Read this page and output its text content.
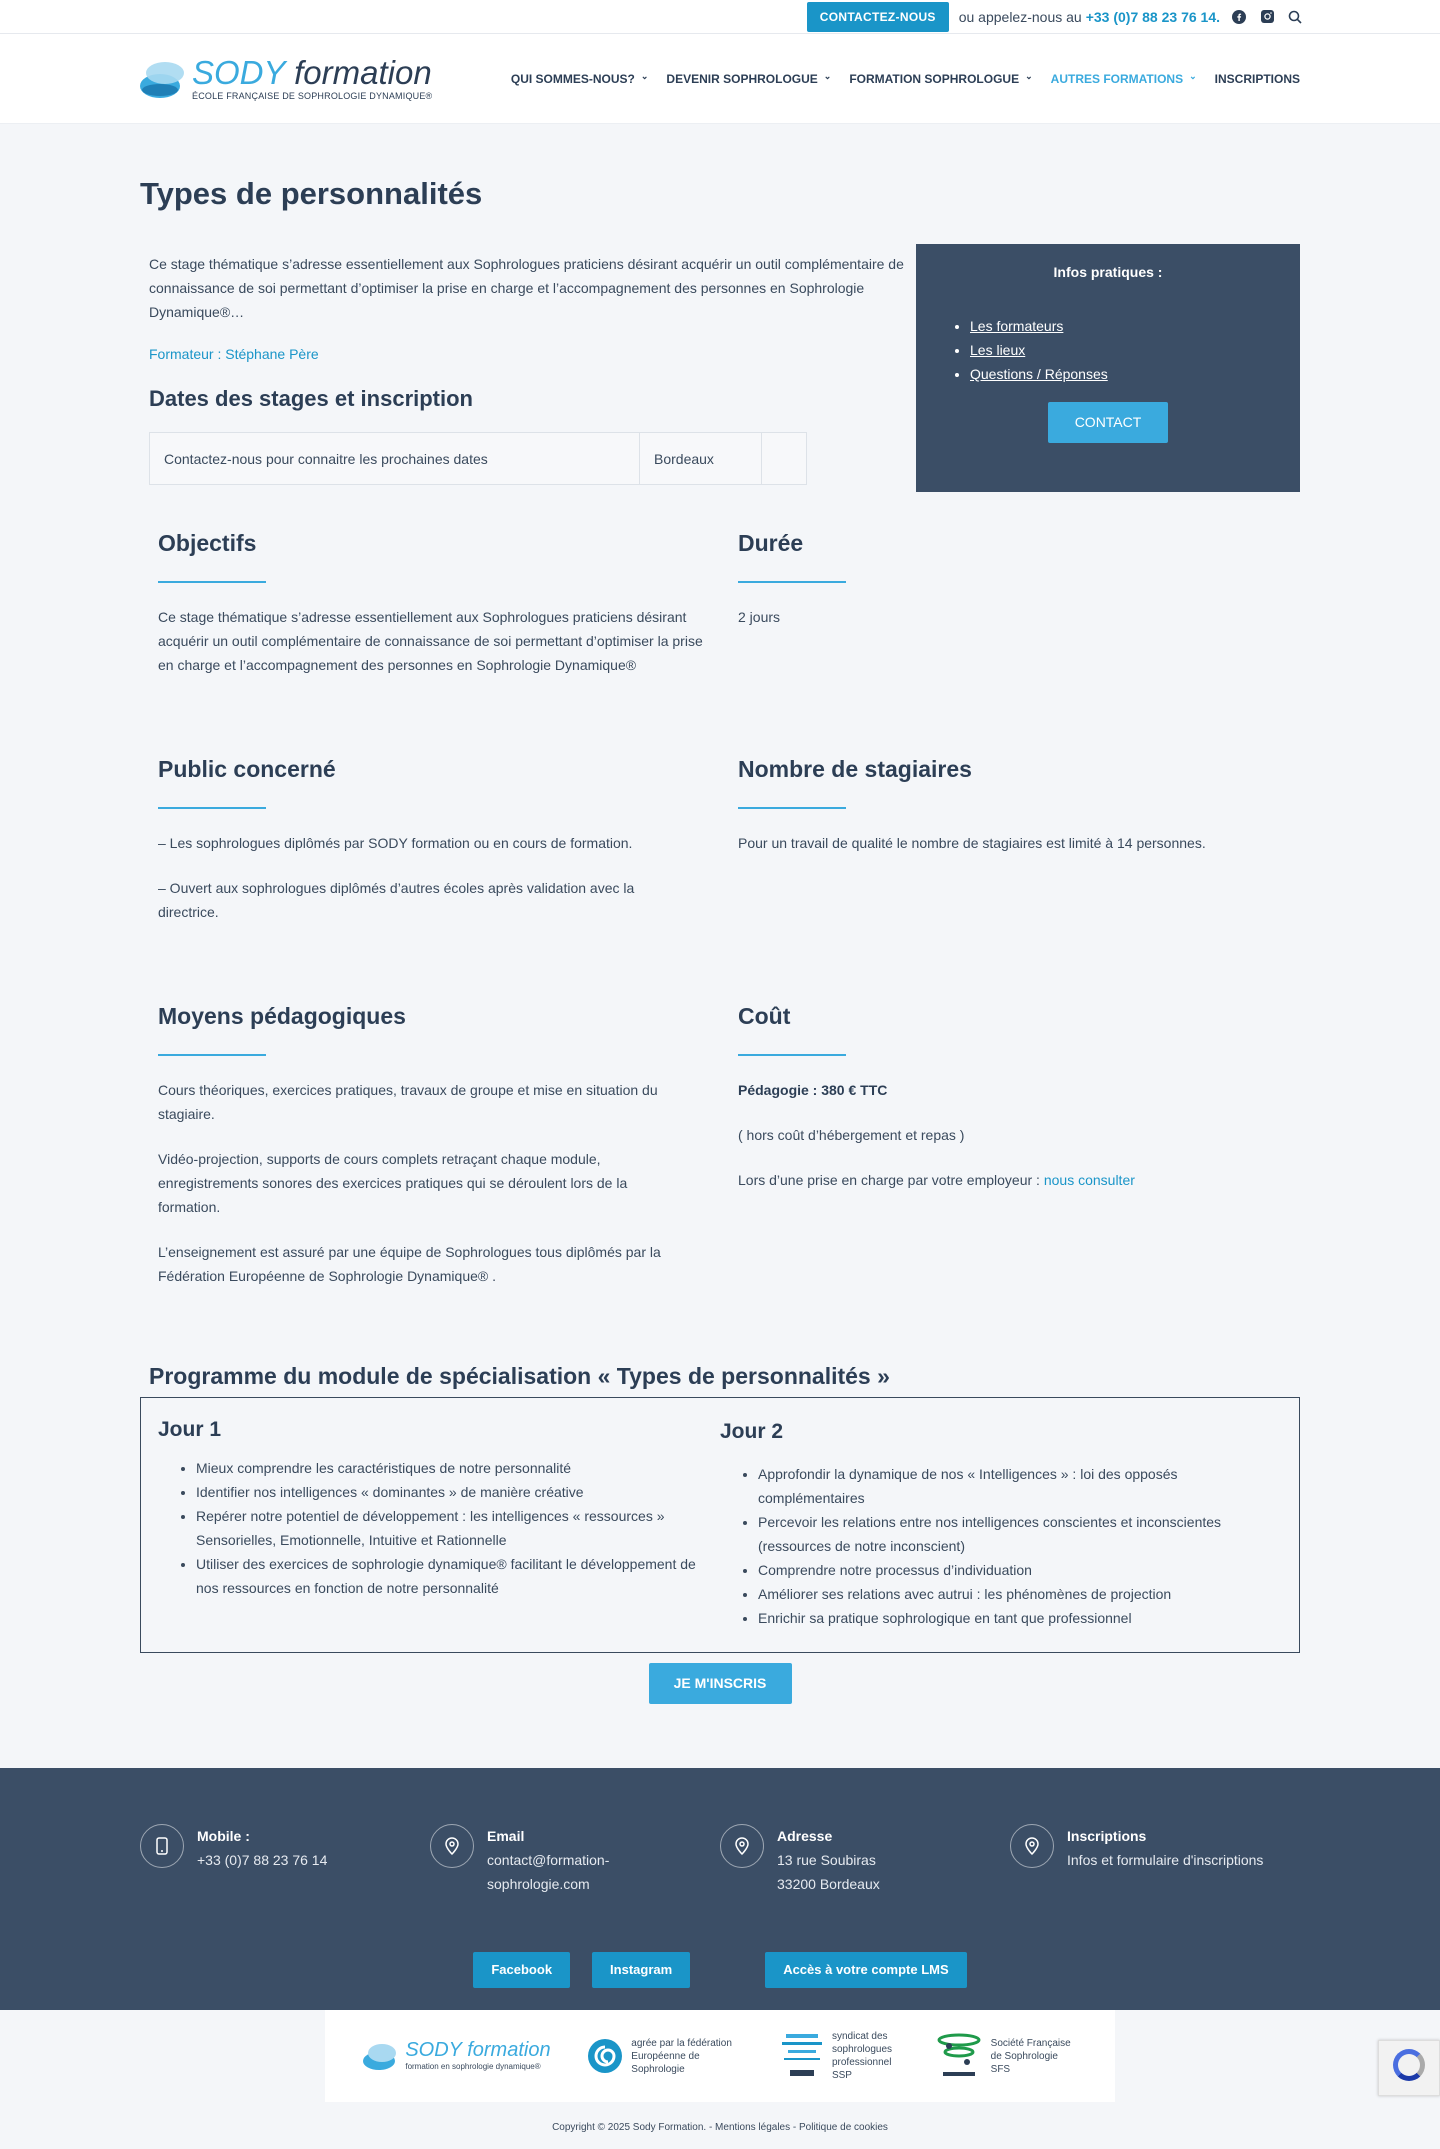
CONTACTEZ-NOUS	ou appelez-nous au +33 (0)7 88 23 76 14.
SODY formation
ÉCOLE FRANÇAISE DE SOPHROLOGIE DYNAMIQUE®
QUI SOMMES-NOUS? ⌄ DEVENIR SOPHROLOGUE ⌄ FORMATION SOPHROLOGUE ⌄ AUTRES FORMATIONS ⌄ INSCRIPTIONS
Types de personnalités

Ce stage thématique s’adresse essentiellement aux Sophrologues praticiens désirant acquérir un outil complémentaire de connaissance de soi permettant d’optimiser la prise en charge et l’accompagnement des personnes en Sophrologie Dynamique®…

Formateur : Stéphane Père
Dates des stages et inscription
Contactez-nous pour connaitre les prochaines dates	Bordeaux
Infos pratiques :
• Les formateurs
• Les lieux
• Questions / Réponses
CONTACT
Objectifs

Ce stage thématique s’adresse essentiellement aux Sophrologues praticiens désirant acquérir un outil complémentaire de connaissance de soi permettant d’optimiser la prise en charge et l’accompagnement des personnes en Sophrologie Dynamique®

Durée

2 jours

Public concerné

– Les sophrologues diplômés par SODY formation ou en cours de formation.

– Ouvert aux sophrologues diplômés d’autres écoles après validation avec la directrice.

Nombre de stagiaires

Pour un travail de qualité le nombre de stagiaires est limité à 14 personnes.

Moyens pédagogiques

Cours théoriques, exercices pratiques, travaux de groupe et mise en situation du stagiaire.

Vidéo-projection, supports de cours complets retraçant chaque module, enregistrements sonores des exercices pratiques qui se déroulent lors de la formation.

L’enseignement est assuré par une équipe de Sophrologues tous diplômés par la Fédération Européenne de Sophrologie Dynamique® .

Coût

Pédagogie : 380 € TTC

( hors coût d’hébergement et repas )

Lors d’une prise en charge par votre employeur : nous consulter

Programme du module de spécialisation « Types de personnalités »
Jour 1
• Mieux comprendre les caractéristiques de notre personnalité
• Identifier nos intelligences « dominantes » de manière créative
• Repérer notre potentiel de développement : les intelligences « ressources » Sensorielles, Emotionnelle, Intuitive et Rationnelle
• Utiliser des exercices de sophrologie dynamique® facilitant le développement de nos ressources en fonction de notre personnalité
Jour 2
• Approfondir la dynamique de nos « Intelligences » : loi des opposés complémentaires
• Percevoir les relations entre nos intelligences conscientes et inconscientes (ressources de notre inconscient)
• Comprendre notre processus d’individuation
• Améliorer ses relations avec autrui : les phénomènes de projection
• Enrichir sa pratique sophrologique en tant que professionnel
JE M'INSCRIS
Mobile :
+33 (0)7 88 23 76 14
Email
contact@formation-
sophrologie.com
Adresse
13 rue Soubiras
33200 Bordeaux
Inscriptions
Infos et formulaire d'inscriptions
Facebook	Instagram	Accès à votre compte LMS
SODY formation
formation en sophrologie dynamique®
agrée par la fédération Européenne de Sophrologie
syndicat des sophrologues professionnel SSP
Société Française de Sophrologie SFS
Copyright © 2025 Sody Formation. - Mentions légales - Politique de cookies
